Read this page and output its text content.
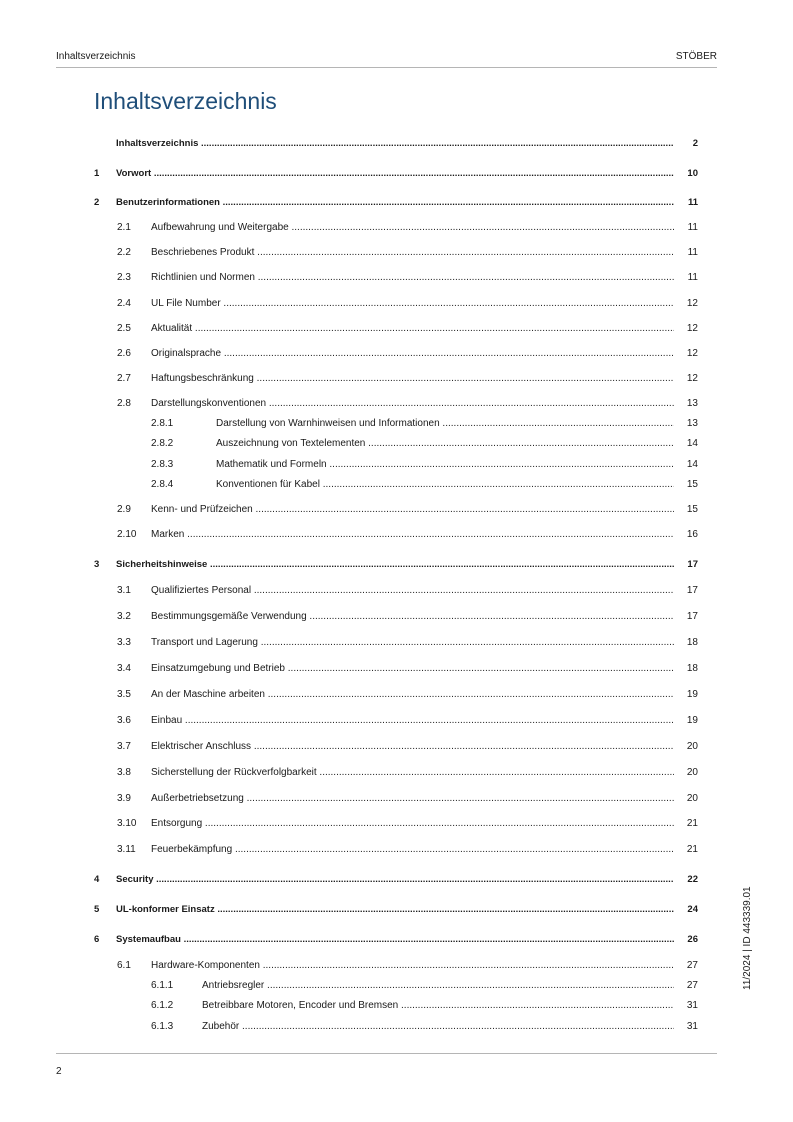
Inhaltsverzeichnis	STÖBER
Inhaltsverzeichnis
Inhaltsverzeichnis .....	2
1 Vorwort .....	10
2 Benutzerinformationen .....	11
2.1 Aufbewahrung und Weitergabe .....	11
2.2 Beschriebenes Produkt .....	11
2.3 Richtlinien und Normen .....	11
2.4 UL File Number .....	12
2.5 Aktualität .....	12
2.6 Originalsprache .....	12
2.7 Haftungsbeschränkung .....	12
2.8 Darstellungskonventionen .....	13
2.8.1	Darstellung von Warnhinweisen und Informationen .....	13
2.8.2	Auszeichnung von Textelementen .....	14
2.8.3	Mathematik und Formeln .....	14
2.8.4	Konventionen für Kabel .....	15
2.9 Kenn- und Prüfzeichen .....	15
2.10 Marken .....	16
3 Sicherheitshinweise .....	17
3.1 Qualifiziertes Personal .....	17
3.2 Bestimmungsgemäße Verwendung .....	17
3.3 Transport und Lagerung .....	18
3.4 Einsatzumgebung und Betrieb .....	18
3.5 An der Maschine arbeiten .....	19
3.6 Einbau .....	19
3.7 Elektrischer Anschluss .....	20
3.8 Sicherstellung der Rückverfolgbarkeit .....	20
3.9 Außerbetriebsetzung .....	20
3.10 Entsorgung .....	21
3.11 Feuerbekämpfung .....	21
4 Security .....	22
5 UL-konformer Einsatz .....	24
6 Systemaufbau .....	26
6.1 Hardware-Komponenten .....	27
6.1.1	Antriebsregler .....	27
6.1.2	Betreibbare Motoren, Encoder und Bremsen .....	31
6.1.3	Zubehör .....	31
11/2024 | ID 443339.01
2
